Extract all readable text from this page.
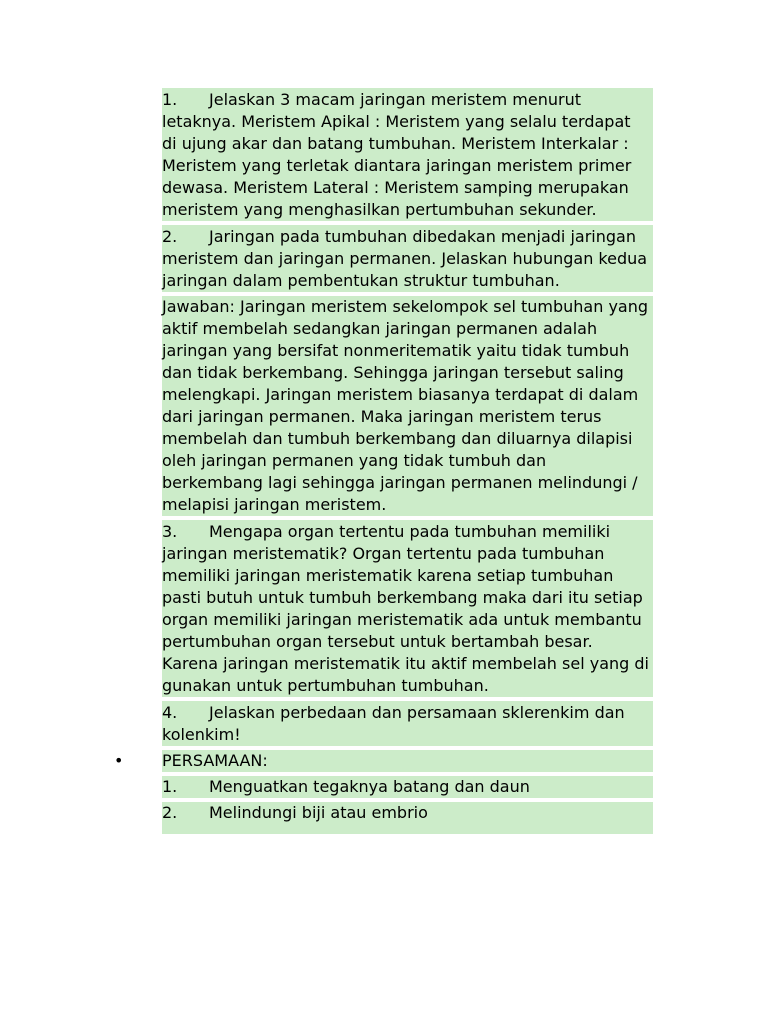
1. Jelaskan 3 macam jaringan meristem menurut letaknya. Meristem Apikal : Meristem yang selalu terdapat di ujung akar dan batang tumbuhan. Meristem Interkalar : Meristem yang terletak diantara jaringan meristem primer dewasa. Meristem Lateral : Meristem samping merupakan meristem yang menghasilkan pertumbuhan sekunder.
2. Jaringan pada tumbuhan dibedakan menjadi jaringan meristem dan jaringan permanen. Jelaskan hubungan kedua jaringan dalam pembentukan struktur tumbuhan.
Jawaban: Jaringan meristem sekelompok sel tumbuhan yang aktif membelah sedangkan jaringan permanen adalah jaringan yang bersifat nonmeritematik yaitu tidak tumbuh dan tidak berkembang. Sehingga jaringan tersebut saling melengkapi. Jaringan meristem biasanya terdapat di dalam dari jaringan permanen. Maka jaringan meristem terus membelah dan tumbuh berkembang dan diluarnya dilapisi oleh jaringan permanen yang tidak tumbuh dan berkembang lagi sehingga jaringan permanen melindungi / melapisi jaringan meristem.
3. Mengapa organ tertentu pada tumbuhan memiliki jaringan meristematik? Organ tertentu pada tumbuhan memiliki jaringan meristematik karena setiap tumbuhan pasti butuh untuk tumbuh berkembang maka dari itu setiap organ memiliki jaringan meristematik ada untuk membantu pertumbuhan organ tersebut untuk bertambah besar. Karena jaringan meristematik itu aktif membelah sel yang di gunakan untuk pertumbuhan tumbuhan.
4. Jelaskan perbedaan dan persamaan sklerenkim dan kolenkim!
• PERSAMAAN:
1. Menguatkan tegaknya batang dan daun
2. Melindungi biji atau embrio
